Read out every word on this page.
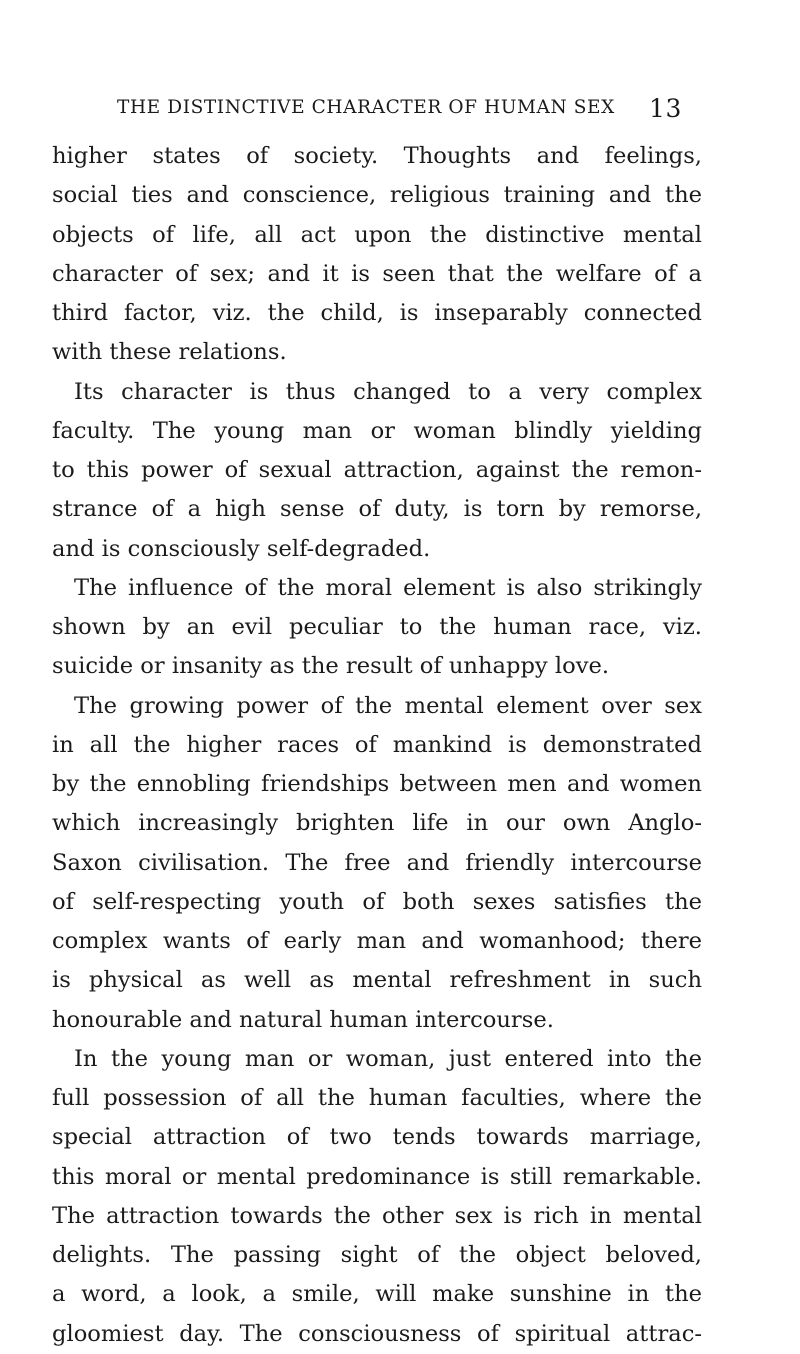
THE DISTINCTIVE CHARACTER OF HUMAN SEX 13
higher states of society. Thoughts and feelings,
social ties and conscience, religious training and the
objects of life, all act upon the distinctive mental
character of sex; and it is seen that the welfare of a
third factor, viz. the child, is inseparably connected
with these relations.
Its character is thus changed to a very complex
faculty. The young man or woman blindly yielding
to this power of sexual attraction, against the remon-
strance of a high sense of duty, is torn by remorse,
and is consciously self-degraded.
The influence of the moral element is also strikingly
shown by an evil peculiar to the human race, viz.
suicide or insanity as the result of unhappy love.
The growing power of the mental element over sex
in all the higher races of mankind is demonstrated
by the ennobling friendships between men and women
which increasingly brighten life in our own Anglo-
Saxon civilisation. The free and friendly intercourse
of self-respecting youth of both sexes satisfies the
complex wants of early man and womanhood; there
is physical as well as mental refreshment in such
honourable and natural human intercourse.
In the young man or woman, just entered into the
full possession of all the human faculties, where the
special attraction of two tends towards marriage,
this moral or mental predominance is still remarkable.
The attraction towards the other sex is rich in mental
delights. The passing sight of the object beloved,
a word, a look, a smile, will make sunshine in the
gloomiest day. The consciousness of spiritual attrac-
